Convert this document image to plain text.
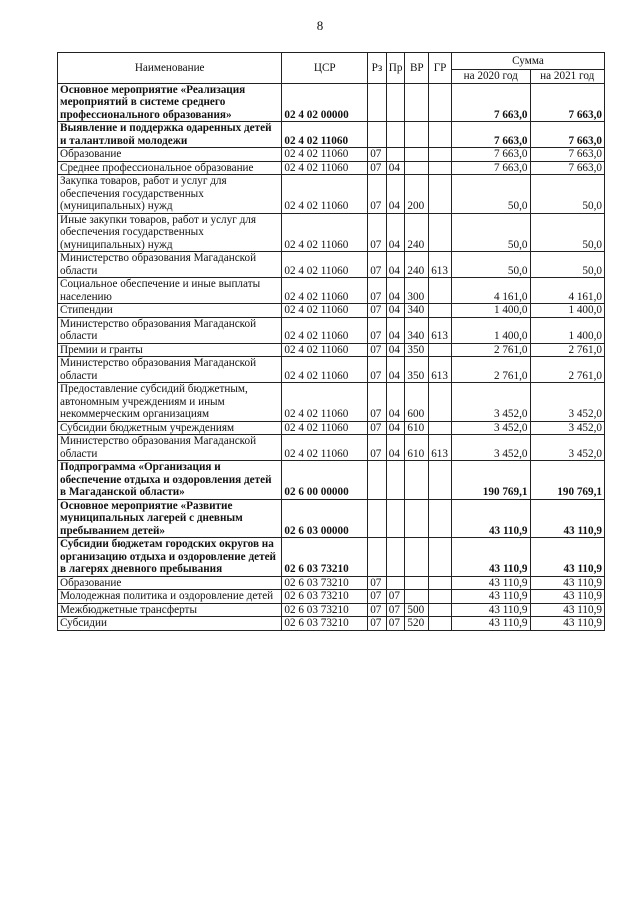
8
Наименование	ЦСР	Рз	Пр	ВР	ГР	Сумма	
						на 2020 год	на 2021 год
Основное мероприятие «Реализация мероприятий в системе среднего профессионального образования»	02 4 02 00000					7 663,0	7 663,0
Выявление и поддержка одаренных детей и талантливой молодежи	02 4 02 11060					7 663,0	7 663,0
Образование	02 4 02 11060	07				7 663,0	7 663,0
Среднее профессиональное образование	02 4 02 11060	07	04			7 663,0	7 663,0
Закупка товаров, работ и услуг для обеспечения государственных (муниципальных) нужд	02 4 02 11060	07	04	200		50,0	50,0
Иные закупки товаров, работ и услуг для обеспечения государственных (муниципальных) нужд	02 4 02 11060	07	04	240		50,0	50,0
Министерство образования Магаданской области	02 4 02 11060	07	04	240	613	50,0	50,0
Социальное обеспечение и иные выплаты населению	02 4 02 11060	07	04	300		4 161,0	4 161,0
Стипендии	02 4 02 11060	07	04	340		1 400,0	1 400,0
Министерство образования Магаданской области	02 4 02 11060	07	04	340	613	1 400,0	1 400,0
Премии и гранты	02 4 02 11060	07	04	350		2 761,0	2 761,0
Министерство образования Магаданской области	02 4 02 11060	07	04	350	613	2 761,0	2 761,0
Предоставление субсидий бюджетным, автономным учреждениям и иным некоммерческим организациям	02 4 02 11060	07	04	600		3 452,0	3 452,0
Субсидии бюджетным учреждениям	02 4 02 11060	07	04	610		3 452,0	3 452,0
Министерство образования Магаданской области	02 4 02 11060	07	04	610	613	3 452,0	3 452,0
Подпрограмма «Организация и обеспечение отдыха и оздоровления детей в Магаданской области»	02 6 00 00000					190 769,1	190 769,1
Основное мероприятие «Развитие муниципальных лагерей с дневным пребыванием детей»	02 6 03 00000					43 110,9	43 110,9
Субсидии бюджетам городских округов на организацию отдыха и оздоровление детей в лагерях дневного пребывания	02 6 03 73210					43 110,9	43 110,9
Образование	02 6 03 73210	07				43 110,9	43 110,9
Молодежная политика и оздоровление детей	02 6 03 73210	07	07			43 110,9	43 110,9
Межбюджетные трансферты	02 6 03 73210	07	07	500		43 110,9	43 110,9
Субсидии	02 6 03 73210	07	07	520		43 110,9	43 110,9
